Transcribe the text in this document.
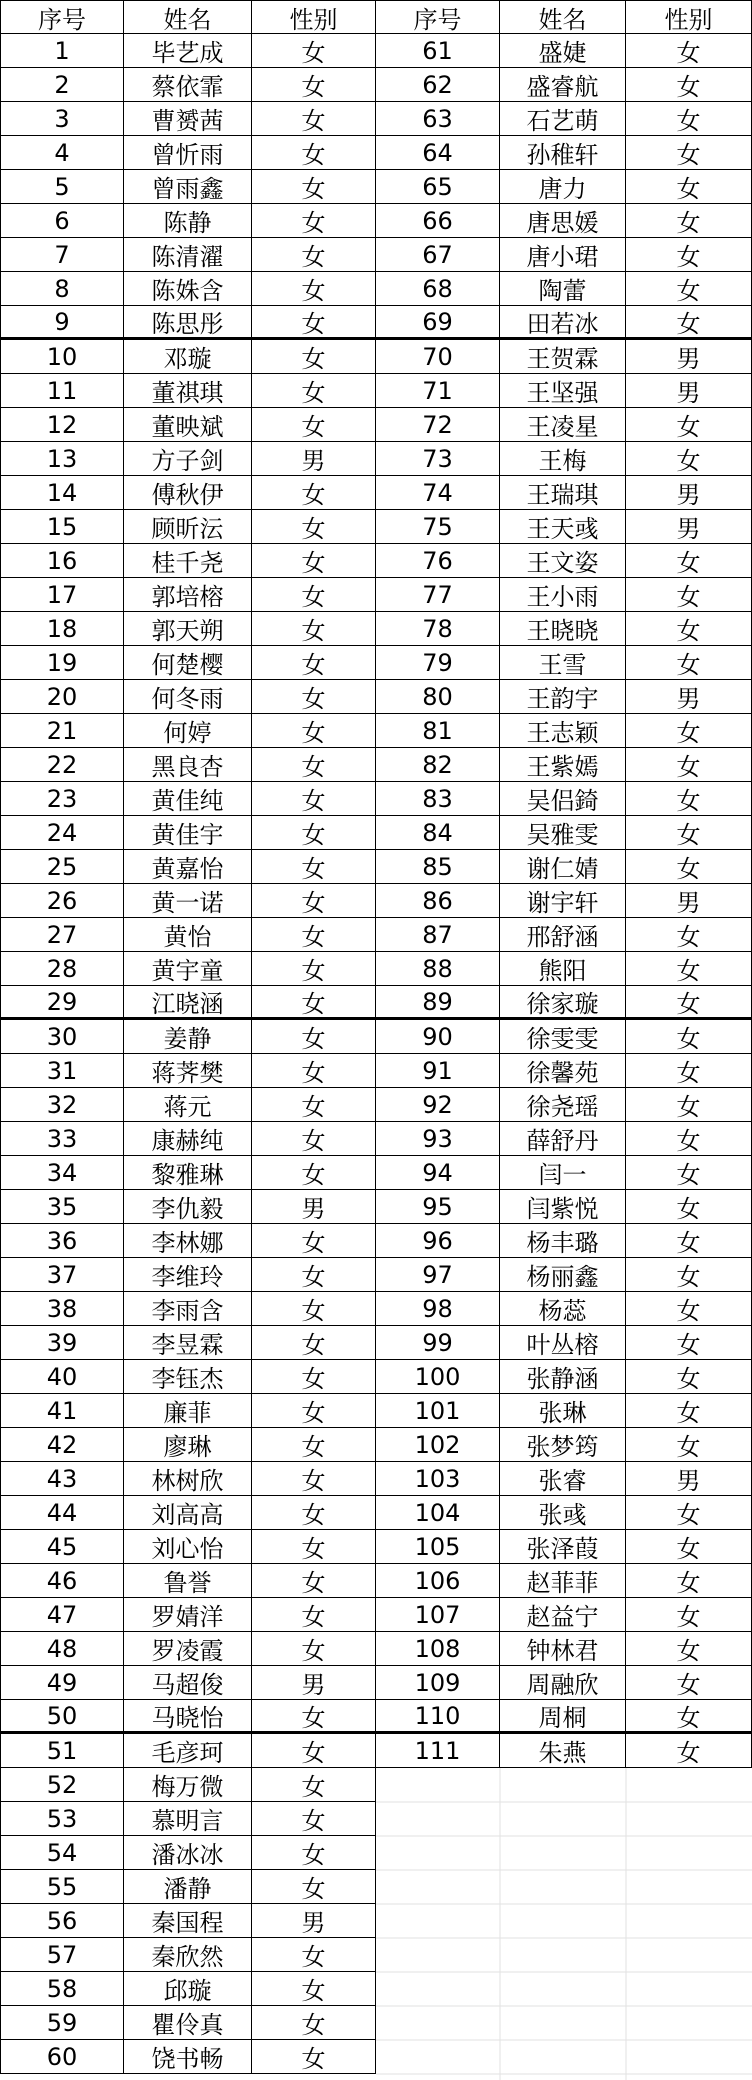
序号	姓名	性别	序号	姓名	性别
1	毕艺成	女	61	盛婕	女
2	蔡依霏	女	62	盛睿航	女
3	曹赟茜	女	63	石艺萌	女
4	曾忻雨	女	64	孙稚轩	女
5	曾雨鑫	女	65	唐力	女
6	陈静	女	66	唐思媛	女
7	陈清濯	女	67	唐小珺	女
8	陈姝含	女	68	陶蕾	女
9	陈思彤	女	69	田若冰	女
10	邓璇	女	70	王贺霖	男
11	董祺琪	女	71	王坚强	男
12	董映斌	女	72	王凌星	女
13	方子剑	男	73	王梅	女
14	傅秋伊	女	74	王瑞琪	男
15	顾昕沄	女	75	王天彧	男
16	桂千尧	女	76	王文姿	女
17	郭培榕	女	77	王小雨	女
18	郭天朔	女	78	王晓晓	女
19	何楚樱	女	79	王雪	女
20	何冬雨	女	80	王韵宇	男
21	何婷	女	81	王志颖	女
22	黑良杏	女	82	王紫嫣	女
23	黄佳纯	女	83	吴侣錡	女
24	黄佳宇	女	84	吴雅雯	女
25	黄嘉怡	女	85	谢仁婧	女
26	黄一诺	女	86	谢宇轩	男
27	黄怡	女	87	邢舒涵	女
28	黄宇童	女	88	熊阳	女
29	江晓涵	女	89	徐家璇	女
30	姜静	女	90	徐雯雯	女
31	蒋荠樊	女	91	徐馨苑	女
32	蒋元	女	92	徐尧瑶	女
33	康赫纯	女	93	薛舒丹	女
34	黎雅琳	女	94	闫一	女
35	李仇毅	男	95	闫紫悦	女
36	李林娜	女	96	杨丰璐	女
37	李维玲	女	97	杨丽鑫	女
38	李雨含	女	98	杨蕊	女
39	李昱霖	女	99	叶丛榕	女
40	李钰杰	女	100	张静涵	女
41	廉菲	女	101	张琳	女
42	廖琳	女	102	张梦筠	女
43	林树欣	女	103	张睿	男
44	刘高高	女	104	张彧	女
45	刘心怡	女	105	张泽葭	女
46	鲁誉	女	106	赵菲菲	女
47	罗婧洋	女	107	赵益宁	女
48	罗凌霞	女	108	钟林君	女
49	马超俊	男	109	周融欣	女
50	马晓怡	女	110	周桐	女
51	毛彦珂	女	111	朱燕	女
52	梅万微	女
53	慕明言	女
54	潘冰冰	女
55	潘静	女
56	秦国程	男
57	秦欣然	女
58	邱璇	女
59	瞿伶真	女
60	饶书畅	女
